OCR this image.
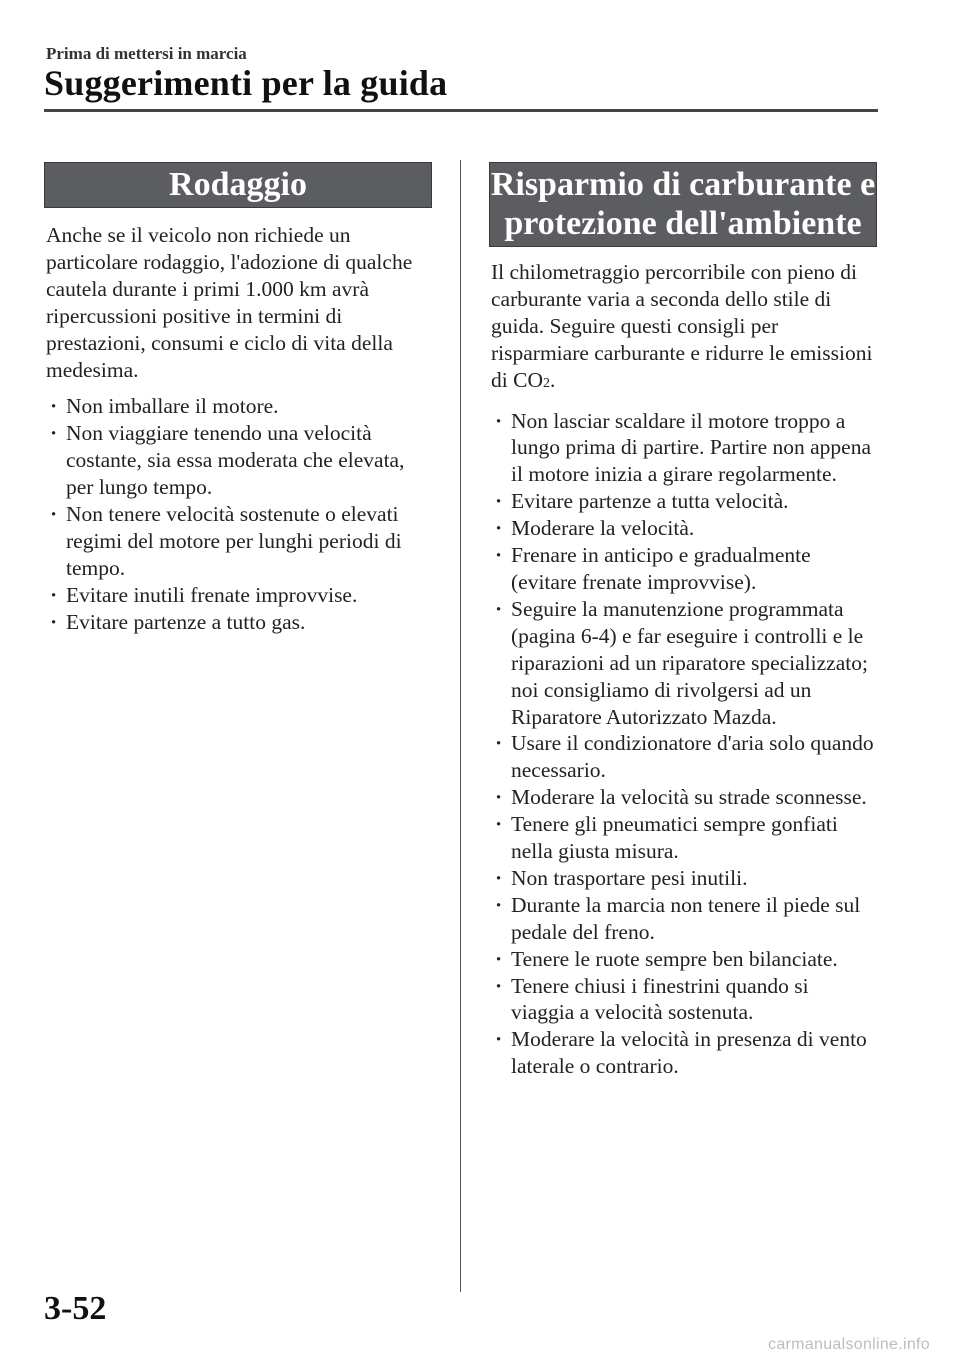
Prima di mettersi in marcia
Suggerimenti per la guida
Rodaggio
Anche se il veicolo non richiede un particolare rodaggio, l'adozione di qualche cautela durante i primi 1.000 km avrà ripercussioni positive in termini di prestazioni, consumi e ciclo di vita della medesima.
· Non imballare il motore.
· Non viaggiare tenendo una velocità costante, sia essa moderata che elevata, per lungo tempo.
· Non tenere velocità sostenute o elevati regimi del motore per lunghi periodi di tempo.
· Evitare inutili frenate improvvise.
· Evitare partenze a tutto gas.
Risparmio di carburante e protezione dell'ambiente
Il chilometraggio percorribile con pieno di carburante varia a seconda dello stile di guida. Seguire questi consigli per risparmiare carburante e ridurre le emissioni di CO2.
· Non lasciar scaldare il motore troppo a lungo prima di partire. Partire non appena il motore inizia a girare regolarmente.
· Evitare partenze a tutta velocità.
· Moderare la velocità.
· Frenare in anticipo e gradualmente (evitare frenate improvvise).
· Seguire la manutenzione programmata (pagina 6-4) e far eseguire i controlli e le riparazioni ad un riparatore specializzato; noi consigliamo di rivolgersi ad un Riparatore Autorizzato Mazda.
· Usare il condizionatore d'aria solo quando necessario.
· Moderare la velocità su strade sconnesse.
· Tenere gli pneumatici sempre gonfiati nella giusta misura.
· Non trasportare pesi inutili.
· Durante la marcia non tenere il piede sul pedale del freno.
· Tenere le ruote sempre ben bilanciate.
· Tenere chiusi i finestrini quando si viaggia a velocità sostenuta.
· Moderare la velocità in presenza di vento laterale o contrario.
3-52
carmanualsonline.info
